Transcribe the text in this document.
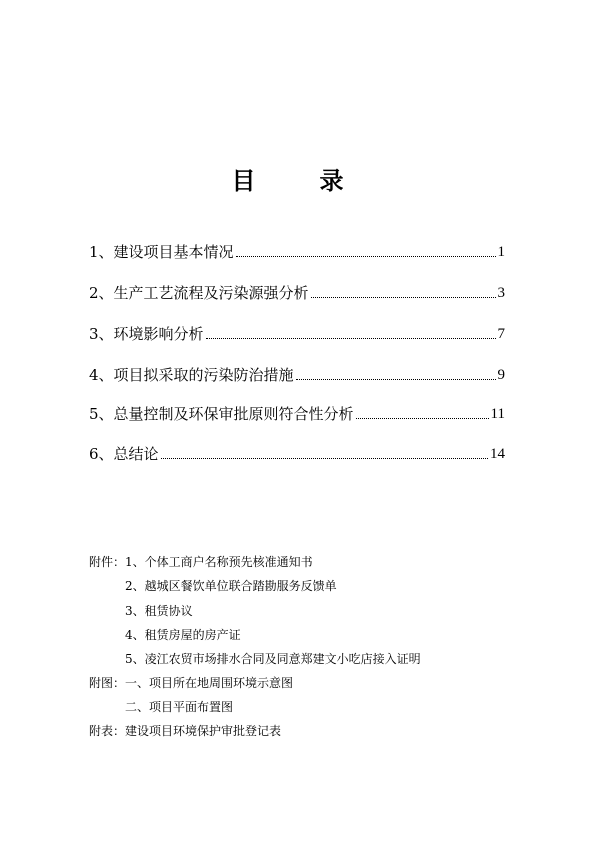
目　录
1、建设项目基本情况	1
2、生产工艺流程及污染源强分析	3
3、环境影响分析	7
4、项目拟采取的污染防治措施	9
5、总量控制及环保审批原则符合性分析	11
6、总结论	14
附件：1、个体工商户名称预先核准通知书
2、越城区餐饮单位联合踏勘服务反馈单
3、租赁协议
4、租赁房屋的房产证
5、凌江农贸市场排水合同及同意郑建文小吃店接入证明
附图：一、项目所在地周围环境示意图
二、项目平面布置图
附表：建设项目环境保护审批登记表
